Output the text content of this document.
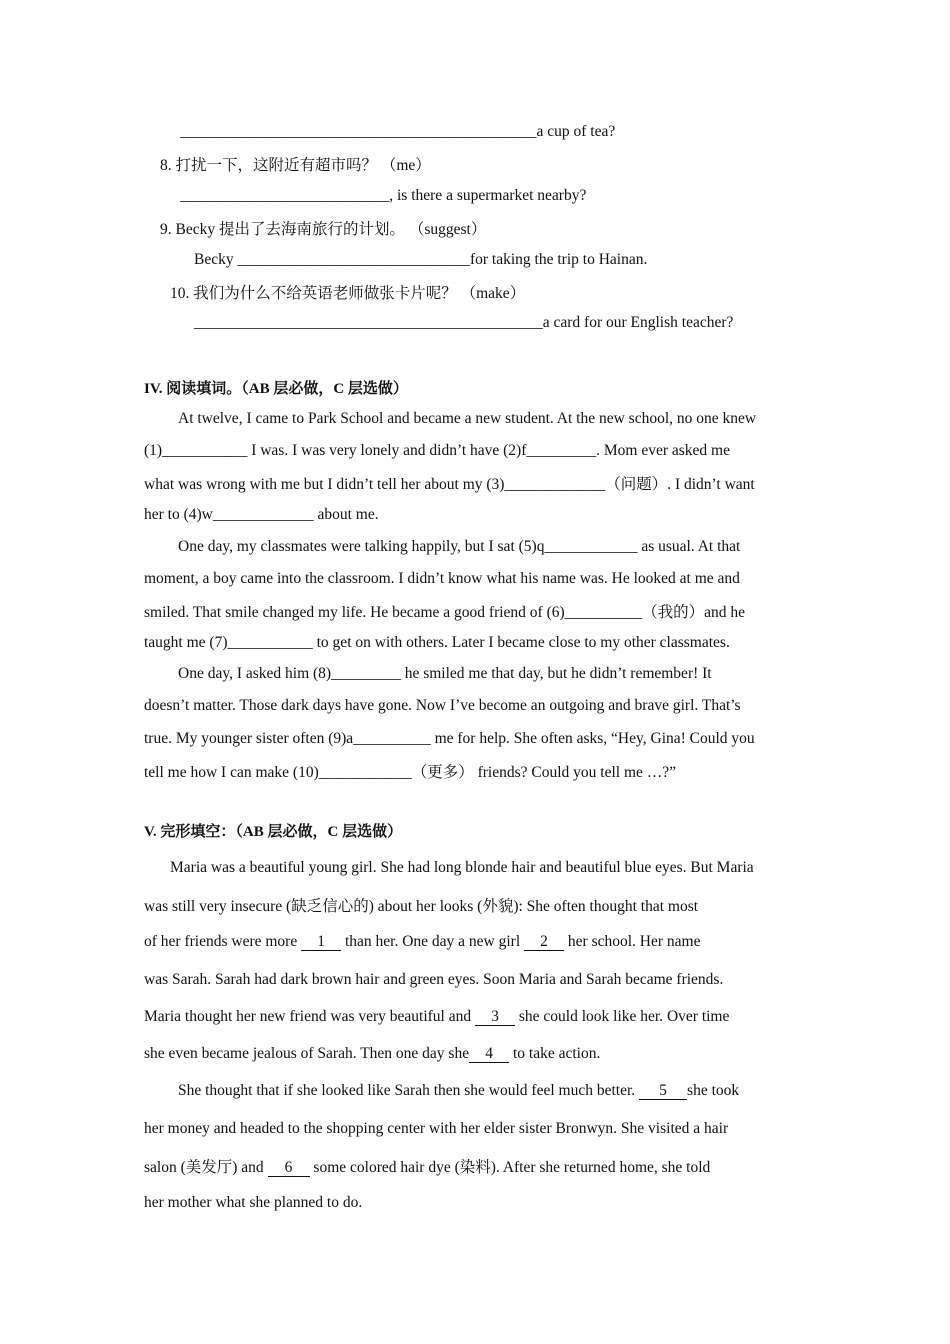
______________________________________________a cup of tea?
8. 打扰一下，这附近有超市吗？ （me）
___________________________, is there a supermarket nearby?
9. Becky 提出了去海南旅行的计划。 （suggest）
Becky ______________________________for taking the trip to Hainan.
10. 我们为什么不给英语老师做张卡片呢？ （make）
_____________________________________________a card for our English teacher?
IV. 阅读填词。（AB 层必做，C 层选做）
At twelve, I came to Park School and became a new student. At the new school, no one knew
(1)___________ I was. I was very lonely and didn’t have (2)f_________. Mom ever asked me
what was wrong with me but I didn’t tell her about my (3)_____________（问题）. I didn’t want
her to (4)w_____________ about me.
One day, my classmates were talking happily, but I sat (5)q____________ as usual. At that
moment, a boy came into the classroom. I didn’t know what his name was. He looked at me and
smiled. That smile changed my life. He became a good friend of (6)__________（我的）and he
taught me (7)___________ to get on with others. Later I became close to my other classmates.
One day, I asked him (8)_________ he smiled me that day, but he didn’t remember! It
doesn’t matter. Those dark days have gone. Now I’ve become an outgoing and brave girl. That’s
true. My younger sister often (9)a__________ me for help. She often asks, “Hey, Gina! Could you
tell me how I can make (10)____________（更多） friends? Could you tell me …?”
V. 完形填空：（AB 层必做，C 层选做）
Maria was a beautiful young girl. She had long blonde hair and beautiful blue eyes. But Maria
was still very insecure (缺乏信心的) about her looks (外貌): She often thought that most
of her friends were more 1 than her. One day a new girl 2 her school. Her name
was Sarah. Sarah had dark brown hair and green eyes. Soon Maria and Sarah became friends.
Maria thought her new friend was very beautiful and 3 she could look like her. Over time
she even became jealous of Sarah. Then one day she 4 to take action.
She thought that if she looked like Sarah then she would feel much better. 5 she took
her money and headed to the shopping center with her elder sister Bronwyn. She visited a hair
salon (美发厅) and 6 some colored hair dye (染料). After she returned home, she told
her mother what she planned to do.
